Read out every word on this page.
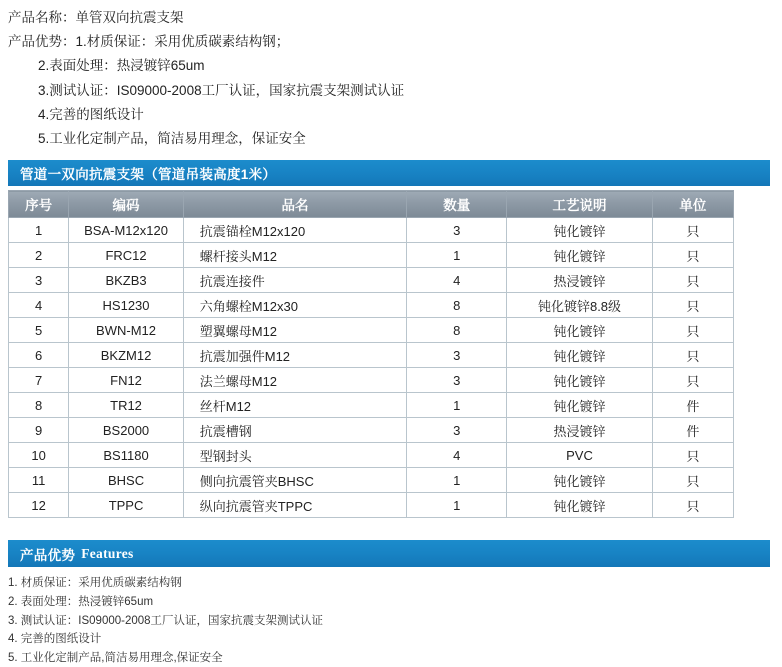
产品名称：单管双向抗震支架
产品优势：1.材质保证：采用优质碳素结构钢；
2.表面处理：热浸镀锌65um
3.测试认证：IS09000-2008工厂认证，国家抗震支架测试认证
4.完善的图纸设计
5.工业化定制产品，简洁易用理念，保证安全
管道一双向抗震支架（管道吊装高度1米）
序号	编码	品名	数量	工艺说明	单位
1	BSA-M12x120	抗震锚栓M12x120	3	钝化镀锌	只
2	FRC12	螺杆接头M12	1	钝化镀锌	只
3	BKZB3	抗震连接件	4	热浸镀锌	只
4	HS1230	六角螺栓M12x30	8	钝化镀锌8.8级	只
5	BWN-M12	塑翼螺母M12	8	钝化镀锌	只
6	BKZM12	抗震加强件M12	3	钝化镀锌	只
7	FN12	法兰螺母M12	3	钝化镀锌	只
8	TR12	丝杆M12	1	钝化镀锌	件
9	BS2000	抗震槽钢	3	热浸镀锌	件
10	BS1180	型钢封头	4	PVC	只
11	BHSC	侧向抗震管夹BHSC	1	钝化镀锌	只
12	TPPC	纵向抗震管夹TPPC	1	钝化镀锌	只
产品优势 Features
1. 材质保证：采用优质碳素结构钢
2. 表面处理：热浸镀锌65um
3. 测试认证：IS09000-2008工厂认证，国家抗震支架测试认证
4. 完善的图纸设计
5. 工业化定制产品,简洁易用理念,保证安全
